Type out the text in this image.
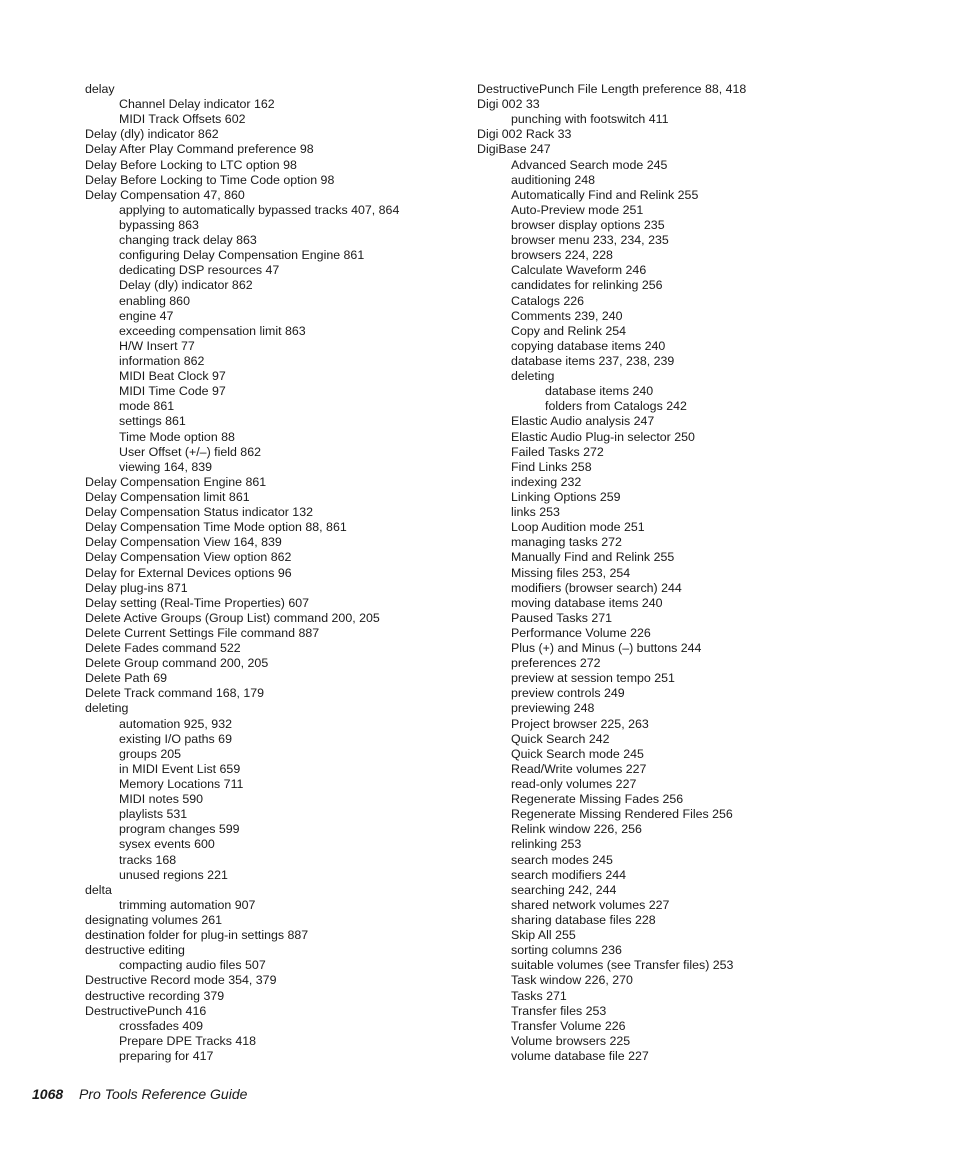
delay
Channel Delay indicator 162
MIDI Track Offsets 602
Delay (dly) indicator 862
Delay After Play Command preference 98
Delay Before Locking to LTC option 98
Delay Before Locking to Time Code option 98
Delay Compensation 47, 860
applying to automatically bypassed tracks 407, 864
bypassing 863
changing track delay 863
configuring Delay Compensation Engine 861
dedicating DSP resources 47
Delay (dly) indicator 862
enabling 860
engine 47
exceeding compensation limit 863
H/W Insert 77
information 862
MIDI Beat Clock 97
MIDI Time Code 97
mode 861
settings 861
Time Mode option 88
User Offset (+/–) field 862
viewing 164, 839
Delay Compensation Engine 861
Delay Compensation limit 861
Delay Compensation Status indicator 132
Delay Compensation Time Mode option 88, 861
Delay Compensation View 164, 839
Delay Compensation View option 862
Delay for External Devices options 96
Delay plug-ins 871
Delay setting (Real-Time Properties) 607
Delete Active Groups (Group List) command 200, 205
Delete Current Settings File command 887
Delete Fades command 522
Delete Group command 200, 205
Delete Path 69
Delete Track command 168, 179
deleting
automation 925, 932
existing I/O paths 69
groups 205
in MIDI Event List 659
Memory Locations 711
MIDI notes 590
playlists 531
program changes 599
sysex events 600
tracks 168
unused regions 221
delta
trimming automation 907
designating volumes 261
destination folder for plug-in settings 887
destructive editing
compacting audio files 507
Destructive Record mode 354, 379
destructive recording 379
DestructivePunch 416
crossfades 409
Prepare DPE Tracks 418
preparing for 417
DestructivePunch File Length preference 88, 418
Digi 002 33
punching with footswitch 411
Digi 002 Rack 33
DigiBase 247
Advanced Search mode 245
auditioning 248
Automatically Find and Relink 255
Auto-Preview mode 251
browser display options 235
browser menu 233, 234, 235
browsers 224, 228
Calculate Waveform 246
candidates for relinking 256
Catalogs 226
Comments 239, 240
Copy and Relink 254
copying database items 240
database items 237, 238, 239
deleting
database items 240
folders from Catalogs 242
Elastic Audio analysis 247
Elastic Audio Plug-in selector 250
Failed Tasks 272
Find Links 258
indexing 232
Linking Options 259
links 253
Loop Audition mode 251
managing tasks 272
Manually Find and Relink 255
Missing files 253, 254
modifiers (browser search) 244
moving database items 240
Paused Tasks 271
Performance Volume 226
Plus (+) and Minus (–) buttons 244
preferences 272
preview at session tempo 251
preview controls 249
previewing 248
Project browser 225, 263
Quick Search 242
Quick Search mode 245
Read/Write volumes 227
read-only volumes 227
Regenerate Missing Fades 256
Regenerate Missing Rendered Files 256
Relink window 226, 256
relinking 253
search modes 245
search modifiers 244
searching 242, 244
shared network volumes 227
sharing database files 228
Skip All 255
sorting columns 236
suitable volumes (see Transfer files) 253
Task window 226, 270
Tasks 271
Transfer files 253
Transfer Volume 226
Volume browsers 225
volume database file 227
1068 Pro Tools Reference Guide
